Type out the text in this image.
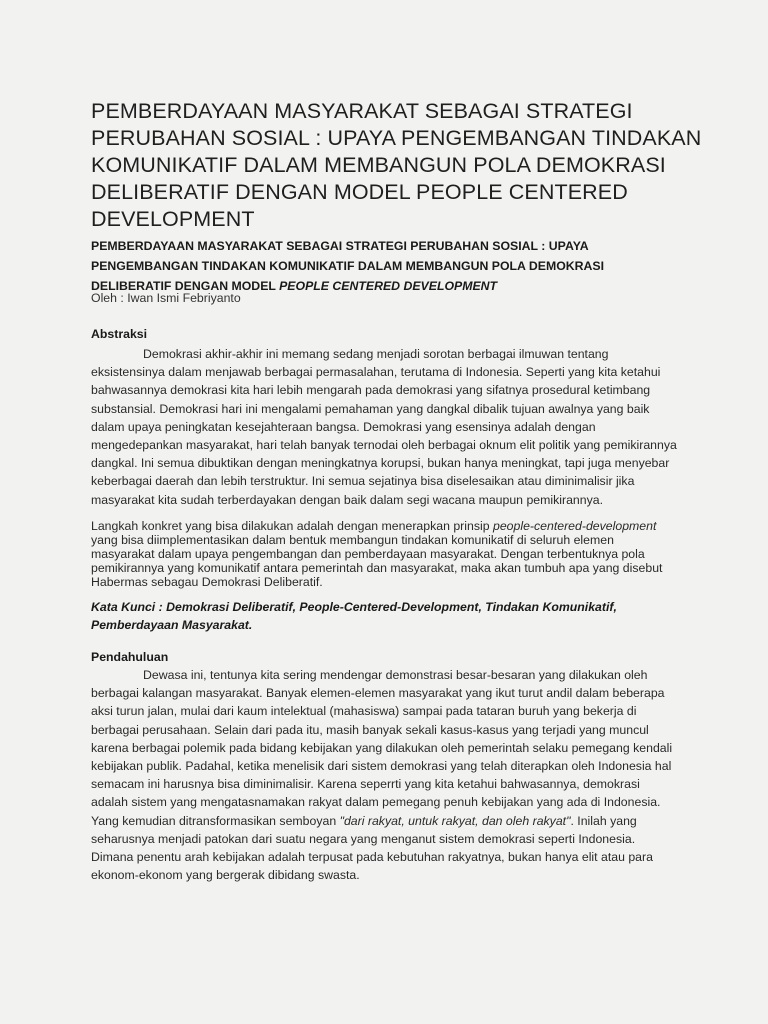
PEMBERDAYAAN MASYARAKAT SEBAGAI STRATEGI PERUBAHAN SOSIAL : UPAYA PENGEMBANGAN TINDAKAN KOMUNIKATIF DALAM MEMBANGUN POLA DEMOKRASI DELIBERATIF DENGAN MODEL PEOPLE CENTERED DEVELOPMENT

PEMBERDAYAAN MASYARAKAT SEBAGAI STRATEGI PERUBAHAN SOSIAL : UPAYA PENGEMBANGAN TINDAKAN KOMUNIKATIF DALAM MEMBANGUN POLA DEMOKRASI DELIBERATIF DENGAN MODEL PEOPLE CENTERED DEVELOPMENT

Oleh : Iwan Ismi Febriyanto
Abstraksi

Demokrasi akhir-akhir ini memang sedang menjadi sorotan berbagai ilmuwan tentang eksistensinya dalam menjawab berbagai permasalahan, terutama di Indonesia. Seperti yang kita ketahui bahwasannya demokrasi kita hari lebih mengarah pada demokrasi yang sifatnya prosedural ketimbang substansial. Demokrasi hari ini mengalami pemahaman yang dangkal dibalik tujuan awalnya yang baik dalam upaya peningkatan kesejahteraan bangsa. Demokrasi yang esensinya adalah dengan mengedepankan masyarakat, hari telah banyak ternodai oleh berbagai oknum elit politik yang pemikirannya dangkal. Ini semua dibuktikan dengan meningkatnya korupsi, bukan hanya meningkat, tapi juga menyebar keberbagai daerah dan lebih terstruktur. Ini semua sejatinya bisa diselesaikan atau diminimalisir jika masyarakat kita sudah terberdayakan dengan baik dalam segi wacana maupun pemikirannya.

Langkah konkret yang bisa dilakukan adalah dengan menerapkan prinsip people-centered-development yang bisa diimplementasikan dalam bentuk membangun tindakan komunikatif di seluruh elemen masyarakat dalam upaya pengembangan dan pemberdayaan masyarakat. Dengan terbentuknya pola pemikirannya yang komunikatif antara pemerintah dan masyarakat, maka akan tumbuh apa yang disebut Habermas sebagau Demokrasi Deliberatif.

Kata Kunci : Demokrasi Deliberatif, People-Centered-Development, Tindakan Komunikatif, Pemberdayaan Masyarakat.

Pendahuluan

Dewasa ini, tentunya kita sering mendengar demonstrasi besar-besaran yang dilakukan oleh berbagai kalangan masyarakat. Banyak elemen-elemen masyarakat yang ikut turut andil dalam beberapa aksi turun jalan, mulai dari kaum intelektual (mahasiswa) sampai pada tataran buruh yang bekerja di berbagai perusahaan. Selain dari pada itu, masih banyak sekali kasus-kasus yang terjadi yang muncul karena berbagai polemik pada bidang kebijakan yang dilakukan oleh pemerintah selaku pemegang kendali kebijakan publik. Padahal, ketika menelisik dari sistem demokrasi yang telah diterapkan oleh Indonesia hal semacam ini harusnya bisa diminimalisir. Karena seperrti yang kita ketahui bahwasannya, demokrasi adalah sistem yang mengatasnamakan rakyat dalam pemegang penuh kebijakan yang ada di Indonesia. Yang kemudian ditransformasikan semboyan "dari rakyat, untuk rakyat, dan oleh rakyat". Inilah yang seharusnya menjadi patokan dari suatu negara yang menganut sistem demokrasi seperti Indonesia. Dimana penentu arah kebijakan adalah terpusat pada kebutuhan rakyatnya, bukan hanya elit atau para ekonom-ekonom yang bergerak dibidang swasta.
